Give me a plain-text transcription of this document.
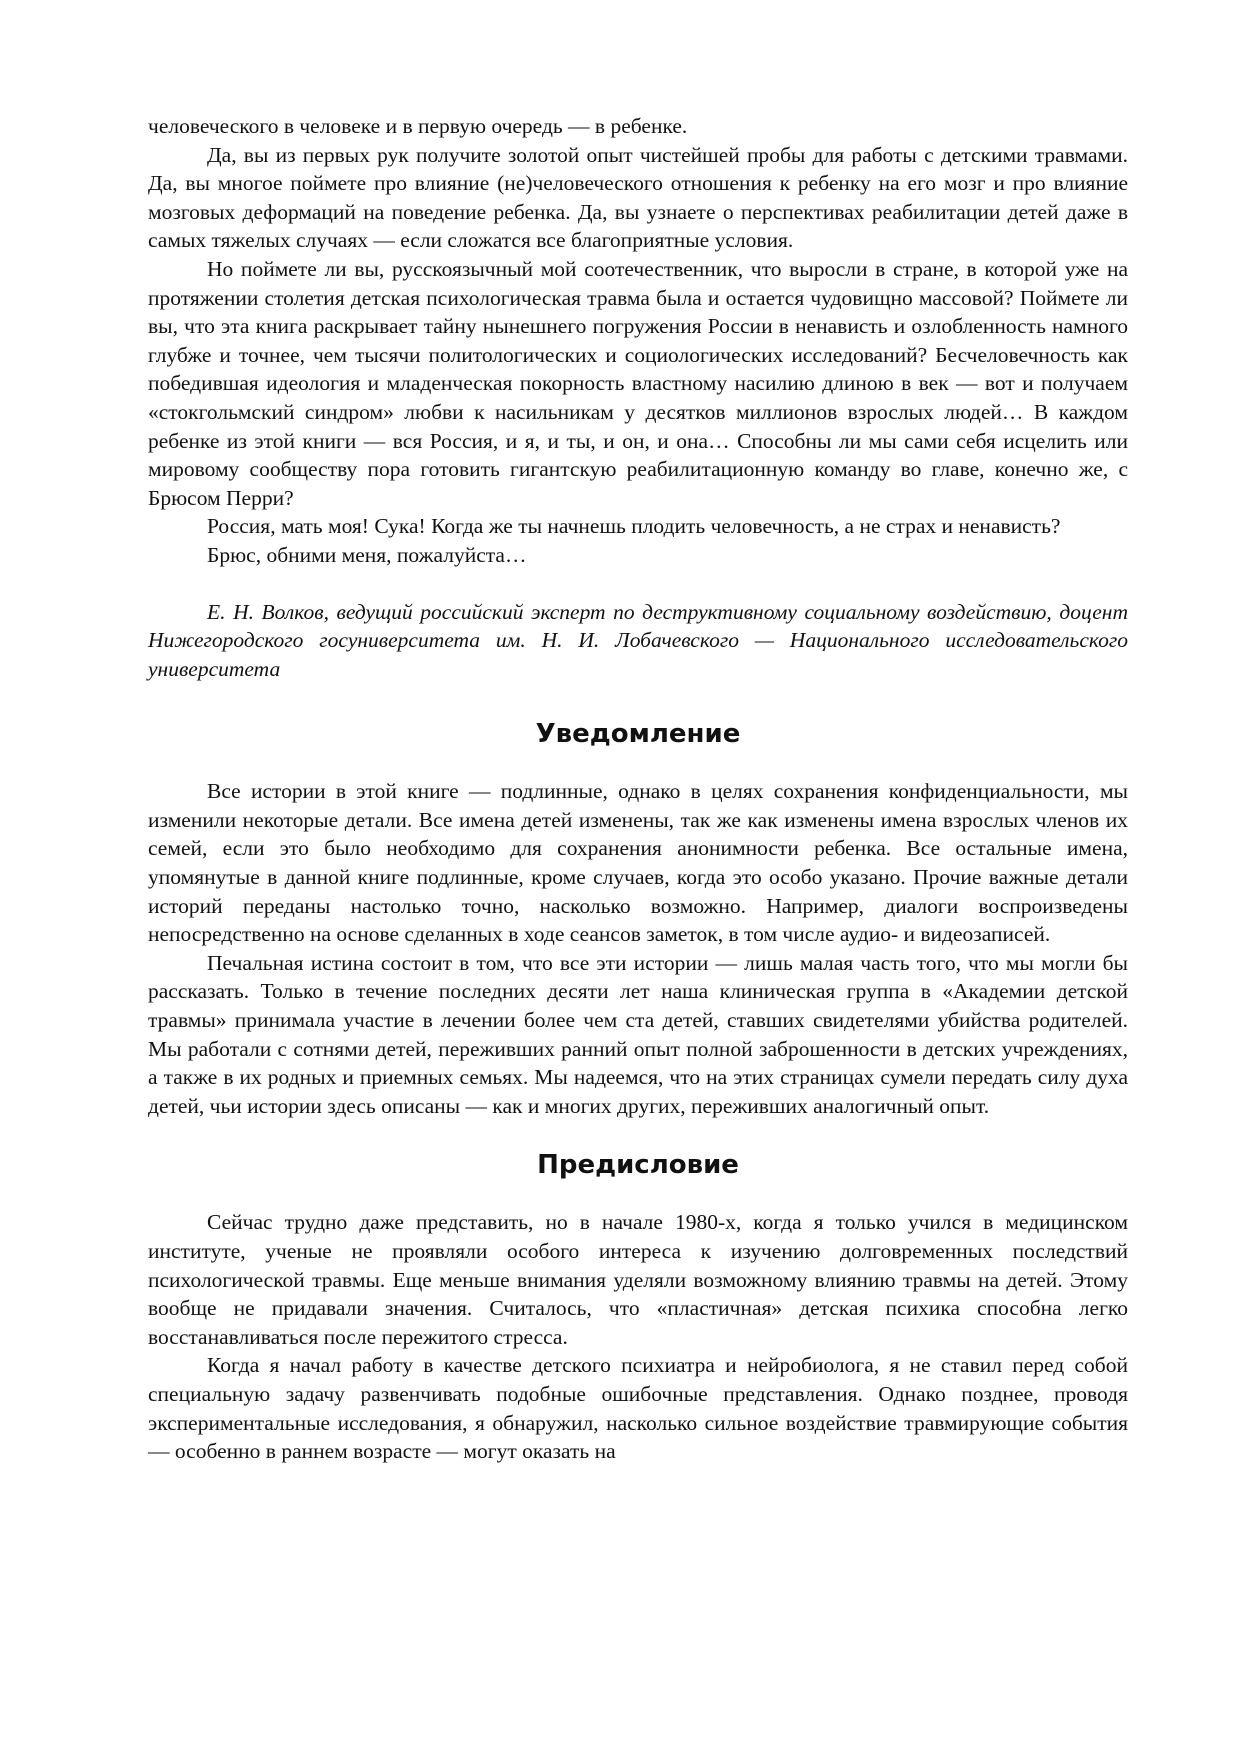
человеческого в человеке и в первую очередь — в ребенке.

Да, вы из первых рук получите золотой опыт чистейшей пробы для работы с детскими травмами. Да, вы многое поймете про влияние (не)человеческого отношения к ребенку на его мозг и про влияние мозговых деформаций на поведение ребенка. Да, вы узнаете о перспективах реабилитации детей даже в самых тяжелых случаях — если сложатся все благоприятные условия.

Но поймете ли вы, русскоязычный мой соотечественник, что выросли в стране, в которой уже на протяжении столетия детская психологическая травма была и остается чудовищно массовой? Поймете ли вы, что эта книга раскрывает тайну нынешнего погружения России в ненависть и озлобленность намного глубже и точнее, чем тысячи политологических и социологических исследований? Бесчеловечность как победившая идеология и младенческая покорность властному насилию длиною в век — вот и получаем «стокгольмский синдром» любви к насильникам у десятков миллионов взрослых людей… В каждом ребенке из этой книги — вся Россия, и я, и ты, и он, и она… Способны ли мы сами себя исцелить или мировому сообществу пора готовить гигантскую реабилитационную команду во главе, конечно же, с Брюсом Перри?

Россия, мать моя! Сука! Когда же ты начнешь плодить человечность, а не страх и ненависть?

Брюс, обними меня, пожалуйста…

Е. Н. Волков, ведущий российский эксперт по деструктивному социальному воздействию, доцент Нижегородского госуниверситета им. Н. И. Лобачевского — Национального исследовательского университета

Уведомление

Все истории в этой книге — подлинные, однако в целях сохранения конфиденциальности, мы изменили некоторые детали. Все имена детей изменены, так же как изменены имена взрослых членов их семей, если это было необходимо для сохранения анонимности ребенка. Все остальные имена, упомянутые в данной книге подлинные, кроме случаев, когда это особо указано. Прочие важные детали историй переданы настолько точно, насколько возможно. Например, диалоги воспроизведены непосредственно на основе сделанных в ходе сеансов заметок, в том числе аудио- и видеозаписей.

Печальная истина состоит в том, что все эти истории — лишь малая часть того, что мы могли бы рассказать. Только в течение последних десяти лет наша клиническая группа в «Академии детской травмы» принимала участие в лечении более чем ста детей, ставших свидетелями убийства родителей. Мы работали с сотнями детей, переживших ранний опыт полной заброшенности в детских учреждениях, а также в их родных и приемных семьях. Мы надеемся, что на этих страницах сумели передать силу духа детей, чьи истории здесь описаны — как и многих других, переживших аналогичный опыт.

Предисловие

Сейчас трудно даже представить, но в начале 1980-х, когда я только учился в медицинском институте, ученые не проявляли особого интереса к изучению долговременных последствий психологической травмы. Еще меньше внимания уделяли возможному влиянию травмы на детей. Этому вообще не придавали значения. Считалось, что «пластичная» детская психика способна легко восстанавливаться после пережитого стресса.

Когда я начал работу в качестве детского психиатра и нейробиолога, я не ставил перед собой специальную задачу развенчивать подобные ошибочные представления. Однако позднее, проводя экспериментальные исследования, я обнаружил, насколько сильное воздействие травмирующие события — особенно в раннем возрасте — могут оказать на
